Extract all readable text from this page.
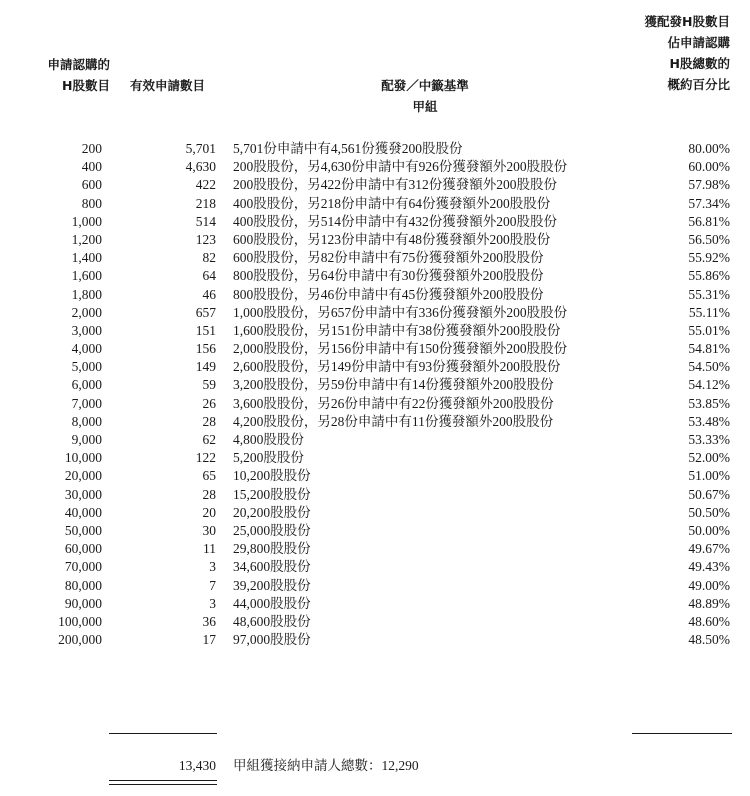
申請認購的
H股數目 有效申請數目	配發／中籤基準
甲組
獲配發H股數目
佔申請認購
H股總數的
概約百分比
200	5,701 5,701份申請中有4,561份獲發200股股份	80.00%
400	4,630 200股股份，另4,630份申請中有926份獲發額外200股股份	60.00%
600	422 200股股份，另422份申請中有312份獲發額外200股股份	57.98%
800	218 400股股份，另218份申請中有64份獲發額外200股股份	57.34%
1,000	514 400股股份，另514份申請中有432份獲發額外200股股份	56.81%
1,200	123 600股股份，另123份申請中有48份獲發額外200股股份	56.50%
1,400	82 600股股份，另82份申請中有75份獲發額外200股股份	55.92%
1,600	64 800股股份，另64份申請中有30份獲發額外200股股份	55.86%
1,800	46 800股股份，另46份申請中有45份獲發額外200股股份	55.31%
2,000	657 1,000股股份，另657份申請中有336份獲發額外200股股份	55.11%
3,000	151 1,600股股份，另151份申請中有38份獲發額外200股股份	55.01%
4,000	156 2,000股股份，另156份申請中有150份獲發額外200股股份	54.81%
5,000	149 2,600股股份，另149份申請中有93份獲發額外200股股份	54.50%
6,000	59 3,200股股份，另59份申請中有14份獲發額外200股股份	54.12%
7,000	26 3,600股股份，另26份申請中有22份獲發額外200股股份	53.85%
8,000	28 4,200股股份，另28份申請中有11份獲發額外200股股份	53.48%
9,000	62 4,800股股份	53.33%
10,000	122 5,200股股份	52.00%
20,000	65 10,200股股份	51.00%
30,000	28 15,200股股份	50.67%
40,000	20 20,200股股份	50.50%
50,000	30 25,000股股份	50.00%
60,000	11 29,800股股份	49.67%
70,000	3 34,600股股份	49.43%
80,000	7 39,200股股份	49.00%
90,000	3 44,000股股份	48.89%
100,000	36 48,600股股份	48.60%
200,000	17 97,000股股份	48.50%
13,430 甲組獲接納申請人總數：12,290
